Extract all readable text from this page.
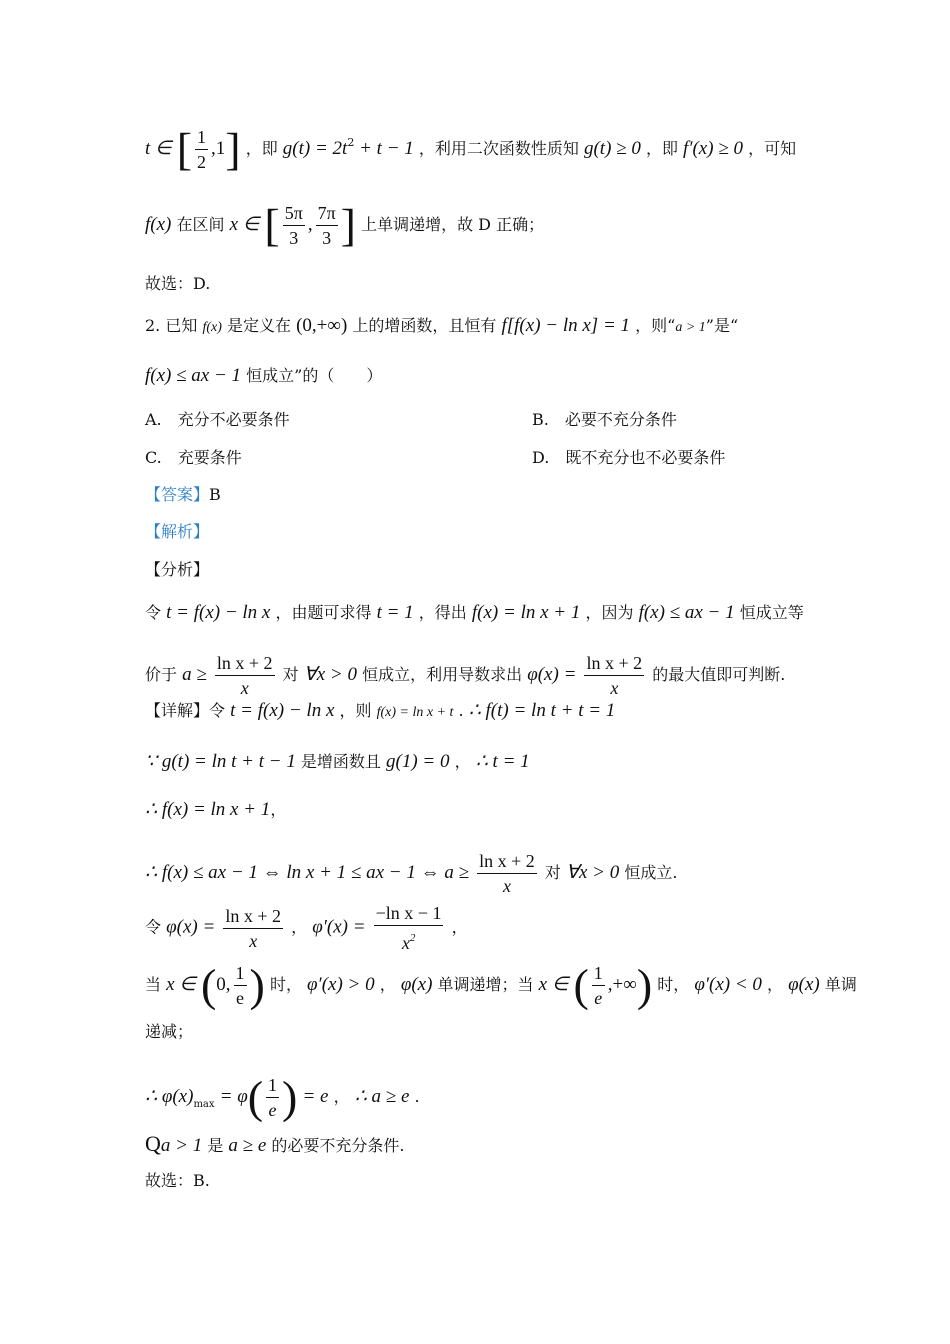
t ∈ [ $\frac{1}{2} ,1$] ，即 $g(t) = 2t^2 + t - 1$ ，利用二次函数性质知 g(t) ≥ 0 ，即 f′(x) ≥ 0 ，可知
f(x) 在区间 x ∈ [ $\frac{5\pi}{3}$ , $\frac{7\pi}{3}$ ] 上单调递增，故 D 正确；
故选：D.
2. 已知 f(x) 是定义在 (0,+∞) 上的增函数，且恒有 f[f(x) − ln x] = 1 ，则“a > 1”是“
f(x) ≤ ax − 1 恒成立”的（　　）
A.　充分不必要条件	B.　必要不充分条件
C.　充要条件	D.　既不充分也不必要条件
【答案】B
【解析】
【分析】
令 t = f(x) − ln x ，由题可求得 t = 1 ，得出 f(x) = ln x + 1 ，因为 f(x) ≤ ax − 1 恒成立等
价于 $a \ge \frac{\text{ln x + 2}}{x}$ 对 ∀x > 0 恒成立，利用导数求出 $\varphi(x) = \frac{\text{ln x + 2}}{x}$ 的最大值即可判断.
【详解】令 t = f(x) − ln x ，则 f(x) = ln x + t . ∴ f(t) = ln t + t = 1
∵ g(t) = ln t + t − 1 是增函数且 g(1) = 0 ， ∴ t = 1
∴ f(x) = ln x + 1，
∴ f(x) ≤ ax − 1 ⇔ ln x + 1 ≤ ax − 1 ⇔ $a \ge \frac{\text{ln x + 2}}{x}$ 对 ∀x > 0 恒成立.
令 $\varphi(x) = \frac{\text{ln x + 2}}{x}$ ， $\varphi'(x) = \frac{\text{−ln x − 1}}{x^2}$ ，
当 x ∈ (0, $\frac{1}{e}$ ) 时， φ′(x) > 0 ， φ(x) 单调递增；当 x ∈ ( $\frac{1}{e}$ ,+∞) 时， φ′(x) < 0 ， φ(x) 单调
递减；
∴ $\varphi(x)_{max} = \varphi( \frac{1}{e}$ ) = e ， ∴ a ≥ e .
Qa > 1 是 a ≥ e 的必要不充分条件.
故选：B.
